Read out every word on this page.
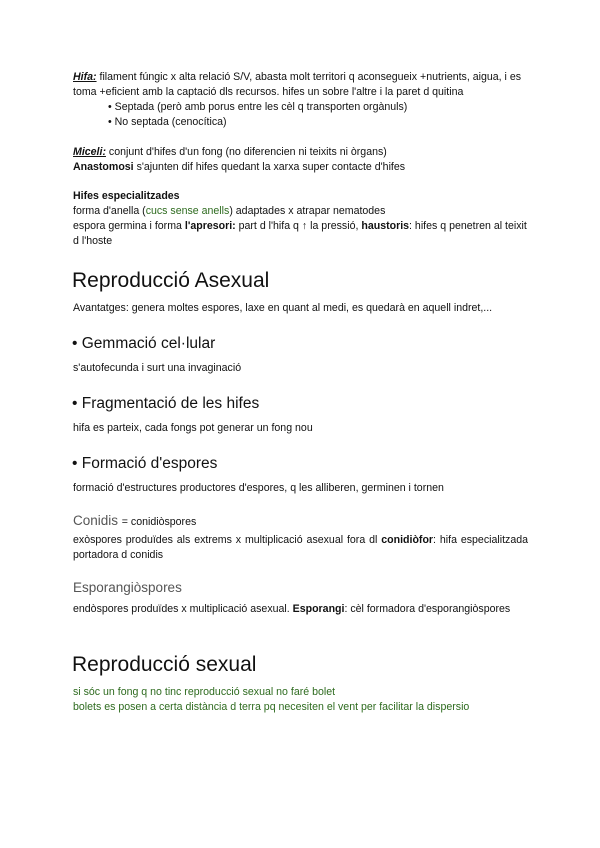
Hifa: filament fúngic x alta relació S/V, abasta molt territori q aconsegueix +nutrients, aigua, i es toma +eficient amb la captació dls recursos. hifes un sobre l'altre i la paret d quitina

• Septada (però amb porus entre les cèl q transporten orgànuls)

• No septada (cenocítica)

Miceli: conjunt d'hifes d'un fong (no diferencien ni teixits ni òrgans)

Anastomosi s'ajunten dif hifes quedant la xarxa super contacte d'hifes

Hifes especialitzades

forma d'anella (cucs sense anells) adaptades x atrapar nematodes

espora germina i forma l'apresori: part d l'hifa q ↑ la pressió, haustoris: hifes q penetren al teixit d l'hoste

Reproducció Asexual

Avantatges: genera moltes espores, laxe en quant al medi, es quedarà en aquell indret,...

• Gemmació cel·lular

s'autofecunda i surt una invaginació

• Fragmentació de les hifes

hifa es parteix, cada fongs pot generar un fong nou

• Formació d'espores

formació d'estructures productores d'espores, q les alliberen, germinen i tornen

Conidis = conidiòspores

exòspores produïdes als extrems x multiplicació asexual fora dl conidiòfor: hifa especialitzada portadora d conidis

Esporangiòspores

endòspores produïdes x multiplicació asexual. Esporangi: cèl formadora d'esporangiòspores

Reproducció sexual

si sóc un fong q no tinc reproducció sexual no faré bolet

bolets es posen a certa distància d terra pq necesiten el vent per facilitar la dispersio
